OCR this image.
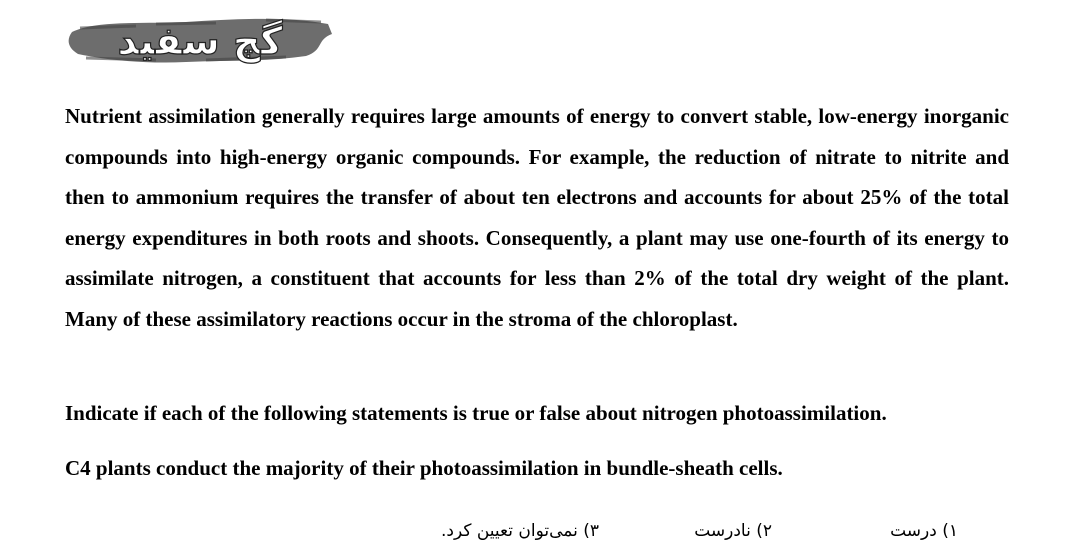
گچ سفید

Nutrient assimilation generally requires large amounts of energy to convert stable, low-energy inorganic compounds into high-energy organic compounds. For example, the reduction of nitrate to nitrite and then to ammonium requires the transfer of about ten electrons and accounts for about 25% of the total energy expenditures in both roots and shoots. Consequently, a plant may use one-fourth of its energy to assimilate nitrogen, a constituent that accounts for less than 2% of the total dry weight of the plant. Many of these assimilatory reactions occur in the stroma of the chloroplast.

Indicate if each of the following statements is true or false about nitrogen photoassimilation.

C4 plants conduct the majority of their photoassimilation in bundle-sheath cells.

۱) درست
۲) نادرست
۳) نمی‌توان تعیین کرد.
